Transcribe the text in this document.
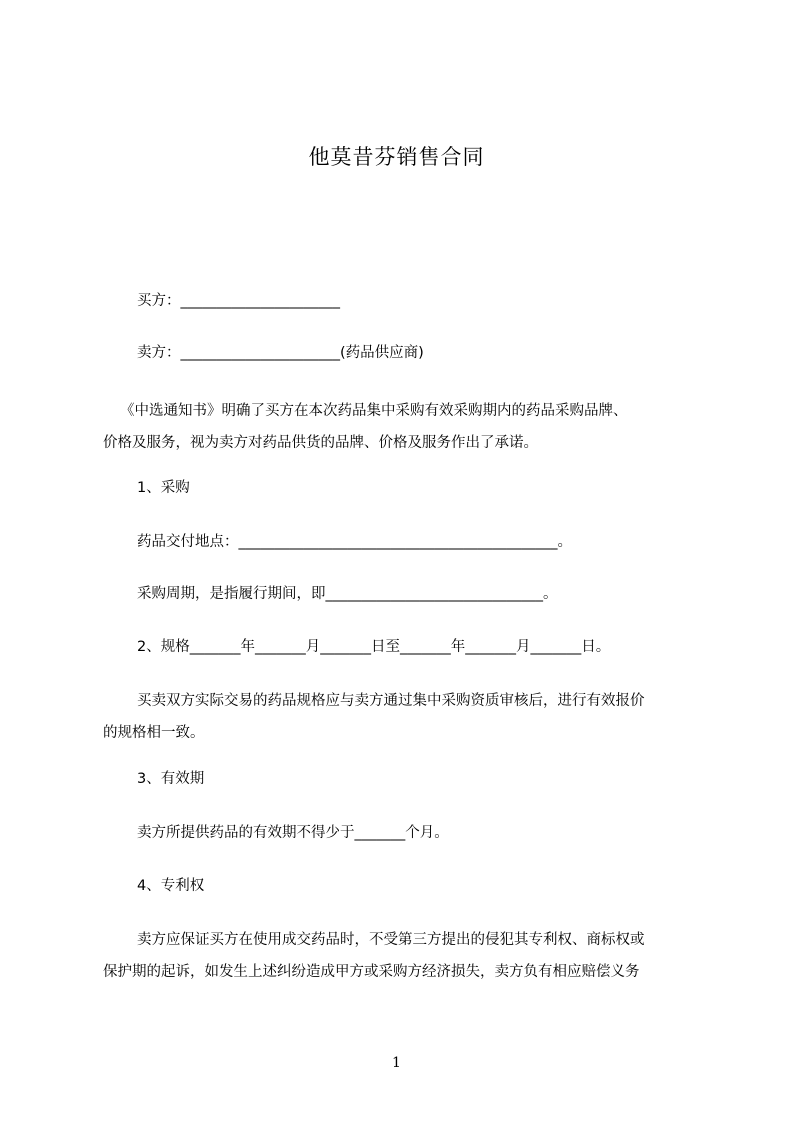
他莫昔芬销售合同
买方：______________________
卖方：______________________(药品供应商)
《中选通知书》明确了买方在本次药品集中采购有效采购期内的药品采购品牌、
价格及服务，视为卖方对药品供货的品牌、价格及服务作出了承诺。
1、采购
药品交付地点：____________________________________________。
采购周期，是指履行期间，即______________________________。
2、规格_______年_______月_______日至_______年_______月_______日。
买卖双方实际交易的药品规格应与卖方通过集中采购资质审核后，进行有效报价
的规格相一致。
3、有效期
卖方所提供药品的有效期不得少于_______个月。
4、专利权
卖方应保证买方在使用成交药品时，不受第三方提出的侵犯其专利权、商标权或
保护期的起诉，如发生上述纠纷造成甲方或采购方经济损失，卖方负有相应赔偿义务
1
